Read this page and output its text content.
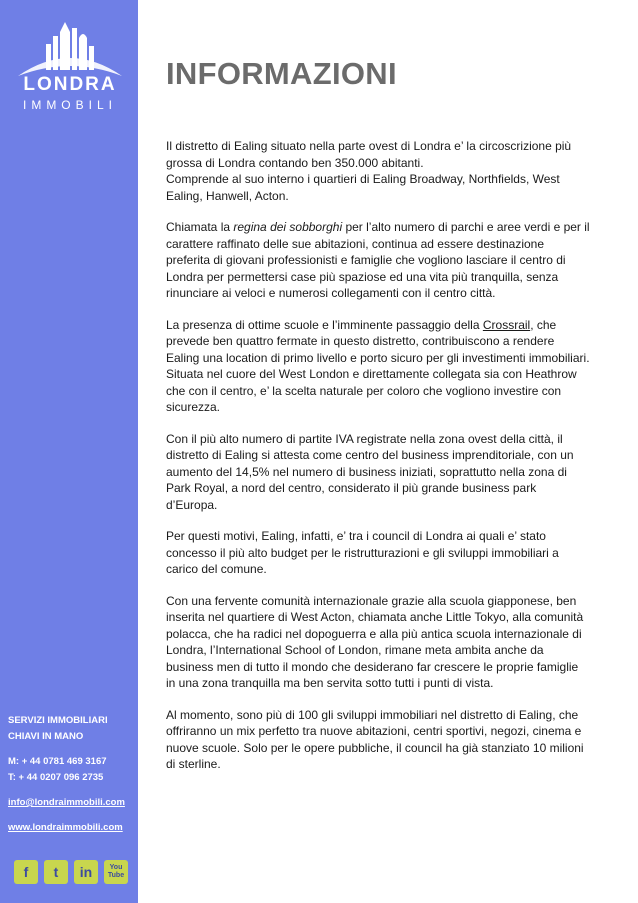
LONDRA
IMMOBILI
SERVIZI IMMOBILIARI
CHIAVI IN MANO
M: + 44 0781 469 3167
T: + 44 0207 096 2735
info@londraimmobili.com
www.londraimmobili.com
f	t	in	You
Tube
INFORMAZIONI

Il distretto di Ealing situato nella parte ovest di Londra e’ la circoscrizione più grossa di Londra contando ben 350.000 abitanti.
Comprende al suo interno i quartieri di Ealing Broadway, Northfields, West Ealing, Hanwell, Acton.

Chiamata la regina dei sobborghi per l’alto numero di parchi e aree verdi e per il carattere raffinato delle sue abitazioni, continua ad essere destinazione preferita di giovani professionisti e famiglie che vogliono lasciare il centro di Londra per permettersi case più spaziose ed una vita più tranquilla, senza rinunciare ai veloci e numerosi collegamenti con il centro città.

La presenza di ottime scuole e l’imminente passaggio della Crossrail, che prevede ben quattro fermate in questo distretto, contribuiscono a rendere Ealing una location di primo livello e porto sicuro per gli investimenti immobiliari. Situata nel cuore del West London e direttamente collegata sia con Heathrow che con il centro, e’ la scelta naturale per coloro che vogliono investire con sicurezza.

Con il più alto numero di partite IVA registrate nella zona ovest della città, il distretto di Ealing si attesta come centro del business imprenditoriale, con un aumento del 14,5% nel numero di business iniziati, soprattutto nella zona di Park Royal, a nord del centro, considerato il più grande business park d’Europa.

Per questi motivi, Ealing, infatti, e’ tra i council di Londra ai quali e’ stato concesso il più alto budget per le ristrutturazioni e gli sviluppi immobiliari a carico del comune.

Con una fervente comunità internazionale grazie alla scuola giapponese, ben inserita nel quartiere di West Acton, chiamata anche Little Tokyo, alla comunità polacca, che ha radici nel dopoguerra e alla più antica scuola internazionale di Londra, l’International School of London, rimane meta ambita anche da business men di tutto il mondo che desiderano far crescere le proprie famiglie in una zona tranquilla ma ben servita sotto tutti i punti di vista.

Al momento, sono più di 100 gli sviluppi immobiliari nel distretto di Ealing, che offriranno un mix perfetto tra nuove abitazioni, centri sportivi, negozi, cinema e nuove scuole. Solo per le opere pubbliche, il council ha già stanziato 10 milioni di sterline.
